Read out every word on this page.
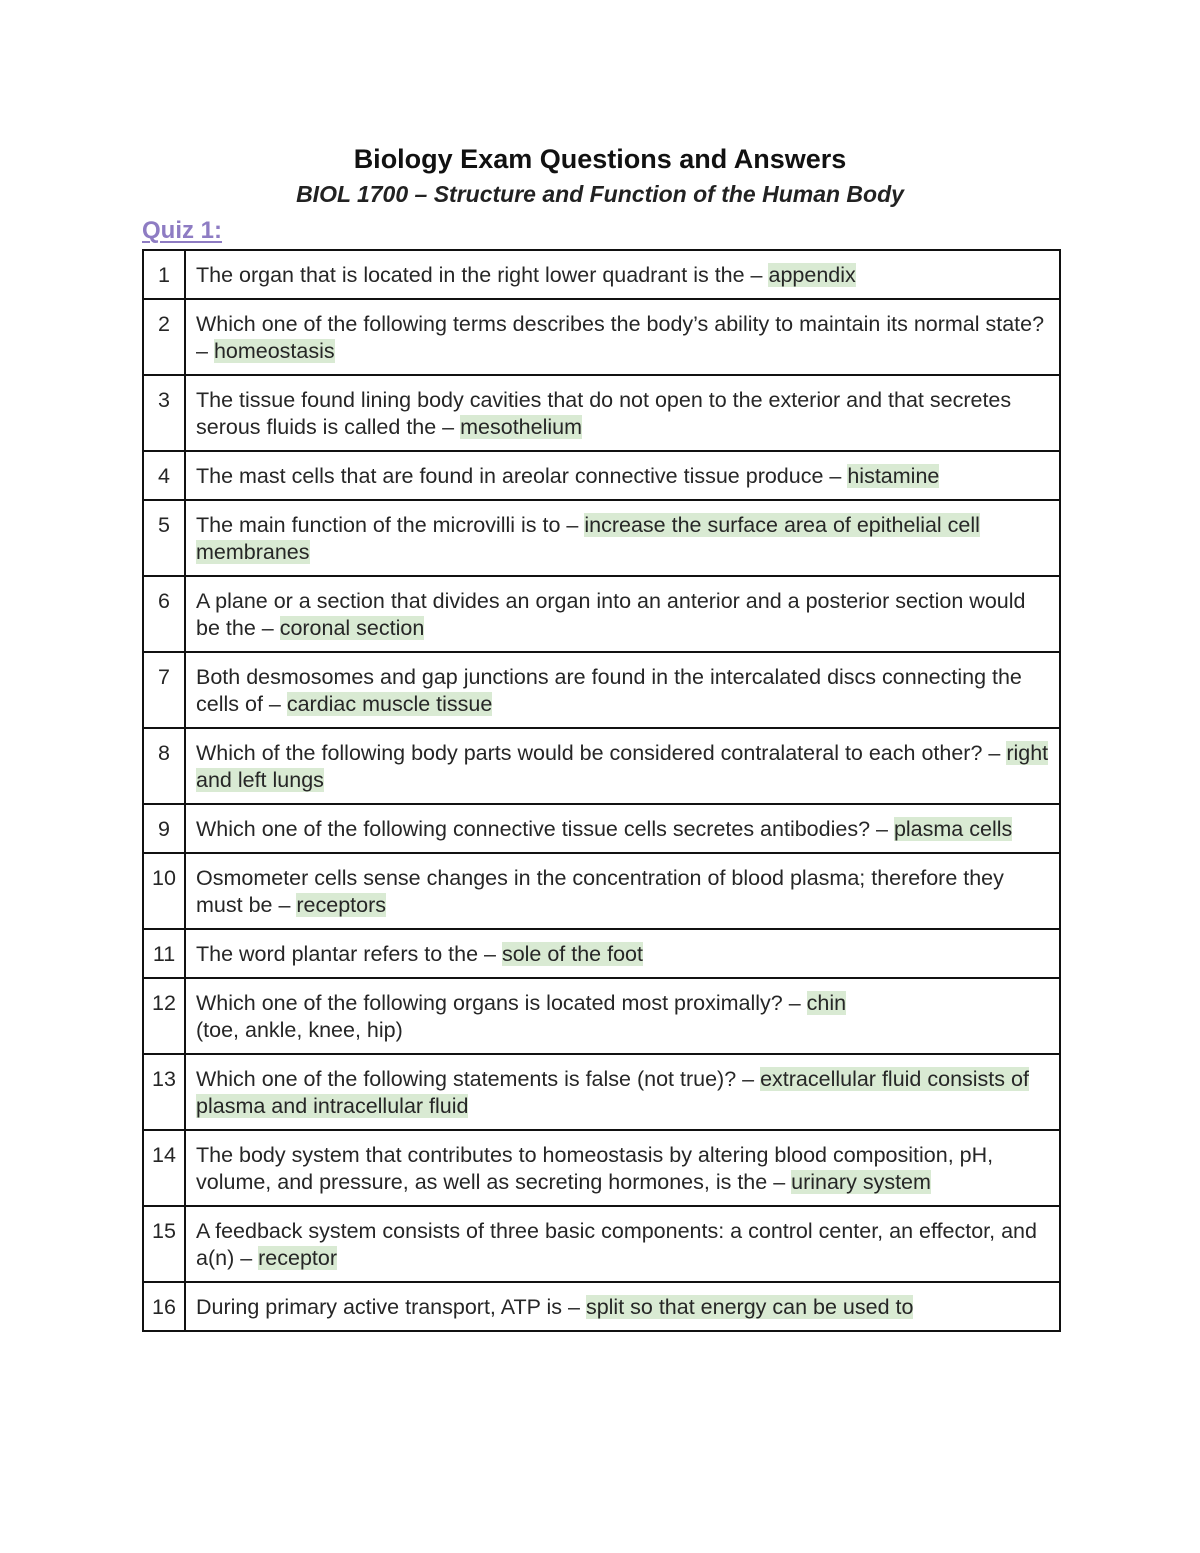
Biology Exam Questions and Answers
BIOL 1700 – Structure and Function of the Human Body
Quiz 1:
1	The organ that is located in the right lower quadrant is the – appendix
2	Which one of the following terms describes the body’s ability to maintain its normal state? – homeostasis
3	The tissue found lining body cavities that do not open to the exterior and that secretes serous fluids is called the – mesothelium
4	The mast cells that are found in areolar connective tissue produce – histamine
5	The main function of the microvilli is to – increase the surface area of epithelial cell membranes
6	A plane or a section that divides an organ into an anterior and a posterior section would be the – coronal section
7	Both desmosomes and gap junctions are found in the intercalated discs connecting the cells of – cardiac muscle tissue
8	Which of the following body parts would be considered contralateral to each other? – right and left lungs
9	Which one of the following connective tissue cells secretes antibodies? – plasma cells
10	Osmometer cells sense changes in the concentration of blood plasma; therefore they must be – receptors
11	The word plantar refers to the – sole of the foot
12	Which one of the following organs is located most proximally? – chin
(toe, ankle, knee, hip)
13	Which one of the following statements is false (not true)? – extracellular fluid consists of plasma and intracellular fluid
14	The body system that contributes to homeostasis by altering blood composition, pH, volume, and pressure, as well as secreting hormones, is the – urinary system
15	A feedback system consists of three basic components: a control center, an effector, and a(n) – receptor
16	During primary active transport, ATP is – split so that energy can be used to
